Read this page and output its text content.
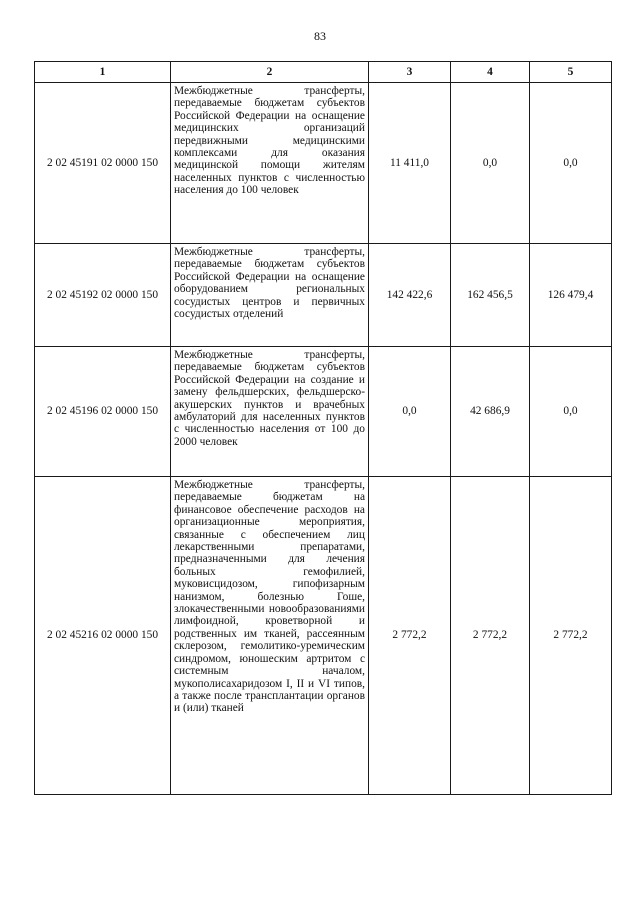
83
1	2	3	4	5
2 02 45191 02 0000 150	Межбюджетные трансферты, передаваемые бюджетам субъектов Российской Федерации на оснащение медицинских организаций передвижными медицинскими комплексами для оказания медицинской помощи жителям населенных пунктов с численностью населения до 100 человек	11 411,0	0,0	0,0
2 02 45192 02 0000 150	Межбюджетные трансферты, передаваемые бюджетам субъектов Российской Федерации на оснащение оборудованием региональных сосудистых центров и первичных сосудистых отделений	142 422,6	162 456,5	126 479,4
2 02 45196 02 0000 150	Межбюджетные трансферты, передаваемые бюджетам субъектов Российской Федерации на создание и замену фельдшерских, фельдшерско-акушерских пунктов и врачебных амбулаторий для населенных пунктов с численностью населения от 100 до 2000 человек	0,0	42 686,9	0,0
2 02 45216 02 0000 150	Межбюджетные трансферты, передаваемые бюджетам на финансовое обеспечение расходов на организационные мероприятия, связанные с обеспечением лиц лекарственными препаратами, предназначенными для лечения больных гемофилией, муковисцидозом, гипофизарным нанизмом, болезнью Гоше, злокачественными новообразованиями лимфоидной, кроветворной и родственных им тканей, рассеянным склерозом, гемолитико-уремическим синдромом, юношеским артритом с системным началом, мукополисахаридозом I, II и VI типов, а также после трансплантации органов и (или) тканей	2 772,2	2 772,2	2 772,2
